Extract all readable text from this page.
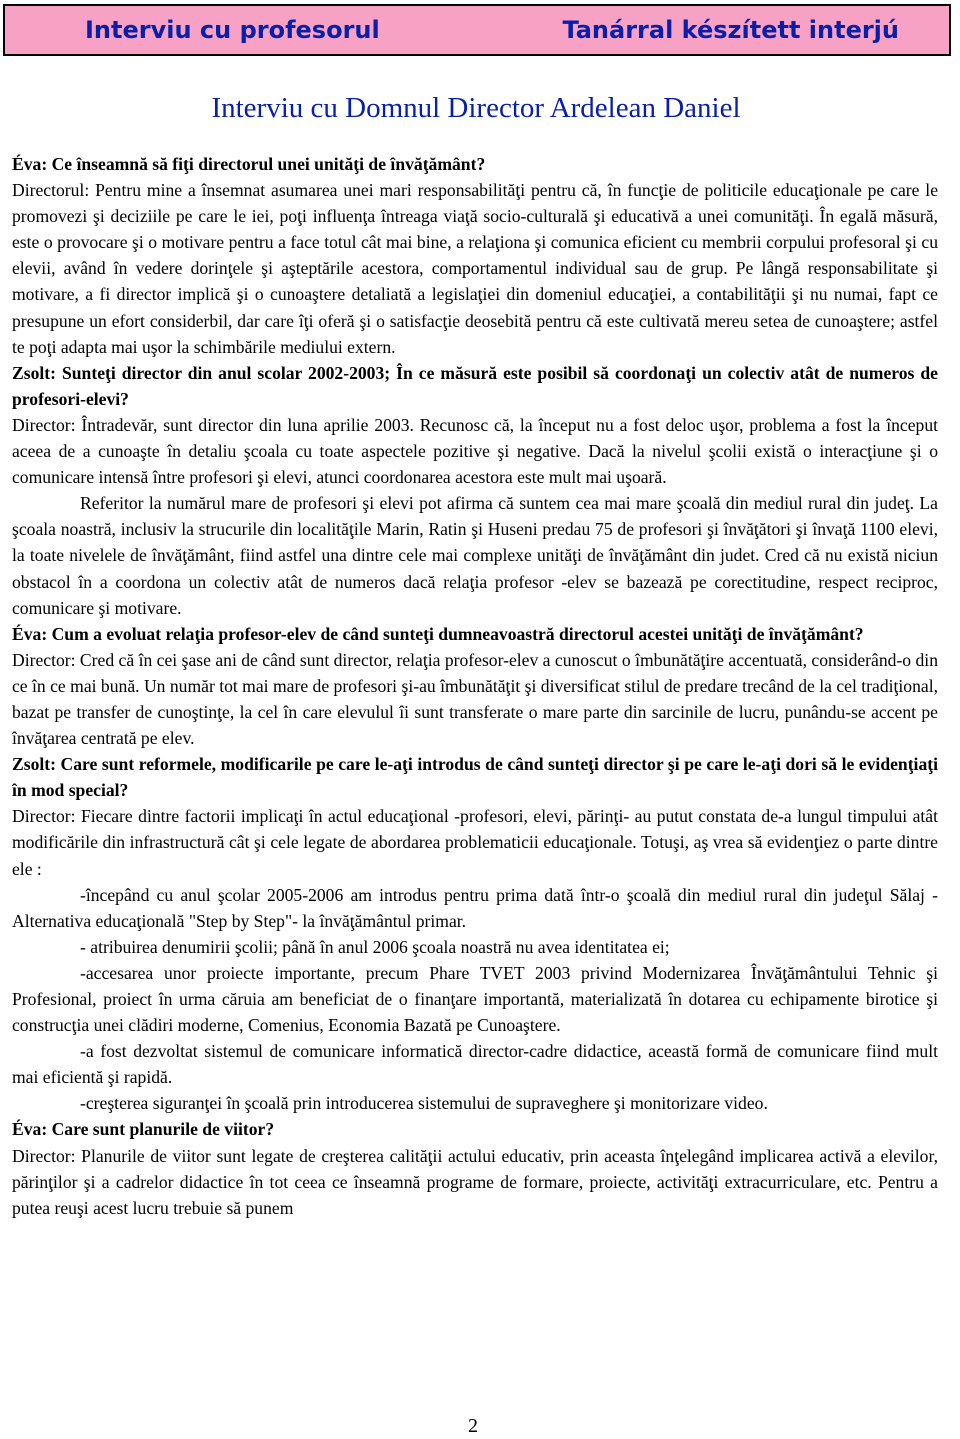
Interviu cu profesorul	Tanárral készített interjú
Interviu cu Domnul Director Ardelean Daniel

Éva: Ce înseamnă să fiţi directorul unei unităţi de învăţământ?

Directorul: Pentru mine a însemnat asumarea unei mari responsabilităţi pentru că, în funcţie de politicile educaţionale pe care le promovezi şi deciziile pe care le iei, poţi influenţa întreaga viaţă socio-culturală şi educativă a unei comunităţi. În egală măsură, este o provocare şi o motivare pentru a face totul cât mai bine, a relaţiona şi comunica eficient cu membrii corpului profesoral şi cu elevii, având în vedere dorinţele şi aşteptările acestora, comportamentul individual sau de grup. Pe lângă responsabilitate şi motivare, a fi director implică şi o cunoaştere detaliată a legislaţiei din domeniul educaţiei, a contabilităţii şi nu numai, fapt ce presupune un efort considerbil, dar care îţi oferă şi o satisfacţie deosebită pentru că este cultivată mereu setea de cunoaştere; astfel te poţi adapta mai uşor la schimbările mediului extern.

Zsolt: Sunteţi director din anul scolar 2002-2003; În ce măsură este posibil să coordonaţi un colectiv atât de numeros de profesori-elevi?

Director: Întradevăr, sunt director din luna aprilie 2003. Recunosc că, la început nu a fost deloc uşor, problema a fost la început aceea de a cunoaşte în detaliu şcoala cu toate aspectele pozitive şi negative. Dacă la nivelul şcolii există o interacţiune şi o comunicare intensă între profesori şi elevi, atunci coordonarea acestora este mult mai uşoară.

Referitor la numărul mare de profesori şi elevi pot afirma că suntem cea mai mare şcoală din mediul rural din judeţ. La şcoala noastră, inclusiv la strucurile din localităţile Marin, Ratin şi Huseni predau 75 de profesori şi învăţători şi învaţă 1100 elevi, la toate nivelele de învăţământ, fiind astfel una dintre cele mai complexe unităţi de învăţământ din judet. Cred că nu există niciun obstacol în a coordona un colectiv atât de numeros dacă relaţia profesor -elev se bazează pe corectitudine, respect reciproc, comunicare şi motivare.

Éva: Cum a evoluat relaţia profesor-elev de când sunteţi dumneavoastră directorul acestei unităţi de învăţământ?

Director: Cred că în cei şase ani de când sunt director, relaţia profesor-elev a cunoscut o îmbunătăţire accentuată, considerând-o din ce în ce mai bună. Un număr tot mai mare de profesori şi-au îmbunătăţit şi diversificat stilul de predare trecând de la cel tradiţional, bazat pe transfer de cunoştinţe, la cel în care elevulul îi sunt transferate o mare parte din sarcinile de lucru, punându-se accent pe învăţarea centrată pe elev.

Zsolt: Care sunt reformele, modificarile pe care le-aţi introdus de când sunteţi director şi pe care le-aţi dori să le evidenţiaţi în mod special?

Director: Fiecare dintre factorii implicaţi în actul educaţional -profesori, elevi, părinţi- au putut constata de-a lungul timpului atât modificările din infrastructură cât şi cele legate de abordarea problematicii educaţionale. Totuşi, aş vrea să evidenţiez o parte dintre ele :

-începând cu anul şcolar 2005-2006 am introdus pentru prima dată într-o şcoală din mediul rural din judeţul Sălaj - Alternativa educaţională "Step by Step"- la învăţământul primar.

- atribuirea denumirii şcolii; până în anul 2006 şcoala noastră nu avea identitatea ei;

-accesarea unor proiecte importante, precum Phare TVET 2003 privind Modernizarea Învăţământului Tehnic şi Profesional, proiect în urma căruia am beneficiat de o finanţare importantă, materializată în dotarea cu echipamente birotice şi construcţia unei clădiri moderne, Comenius, Economia Bazată pe Cunoaştere.

-a fost dezvoltat sistemul de comunicare informatică director-cadre didactice, această formă de comunicare fiind mult mai eficientă şi rapidă.

-creşterea siguranţei în şcoală prin introducerea sistemului de supraveghere şi monitorizare video.

Éva: Care sunt planurile de viitor?

Director: Planurile de viitor sunt legate de creşterea calităţii actului educativ, prin aceasta înţelegând implicarea activă a elevilor, părinţilor şi a cadrelor didactice în tot ceea ce înseamnă programe de formare, proiecte, activităţi extracurriculare, etc. Pentru a putea reuşi acest lucru trebuie să punem

2
